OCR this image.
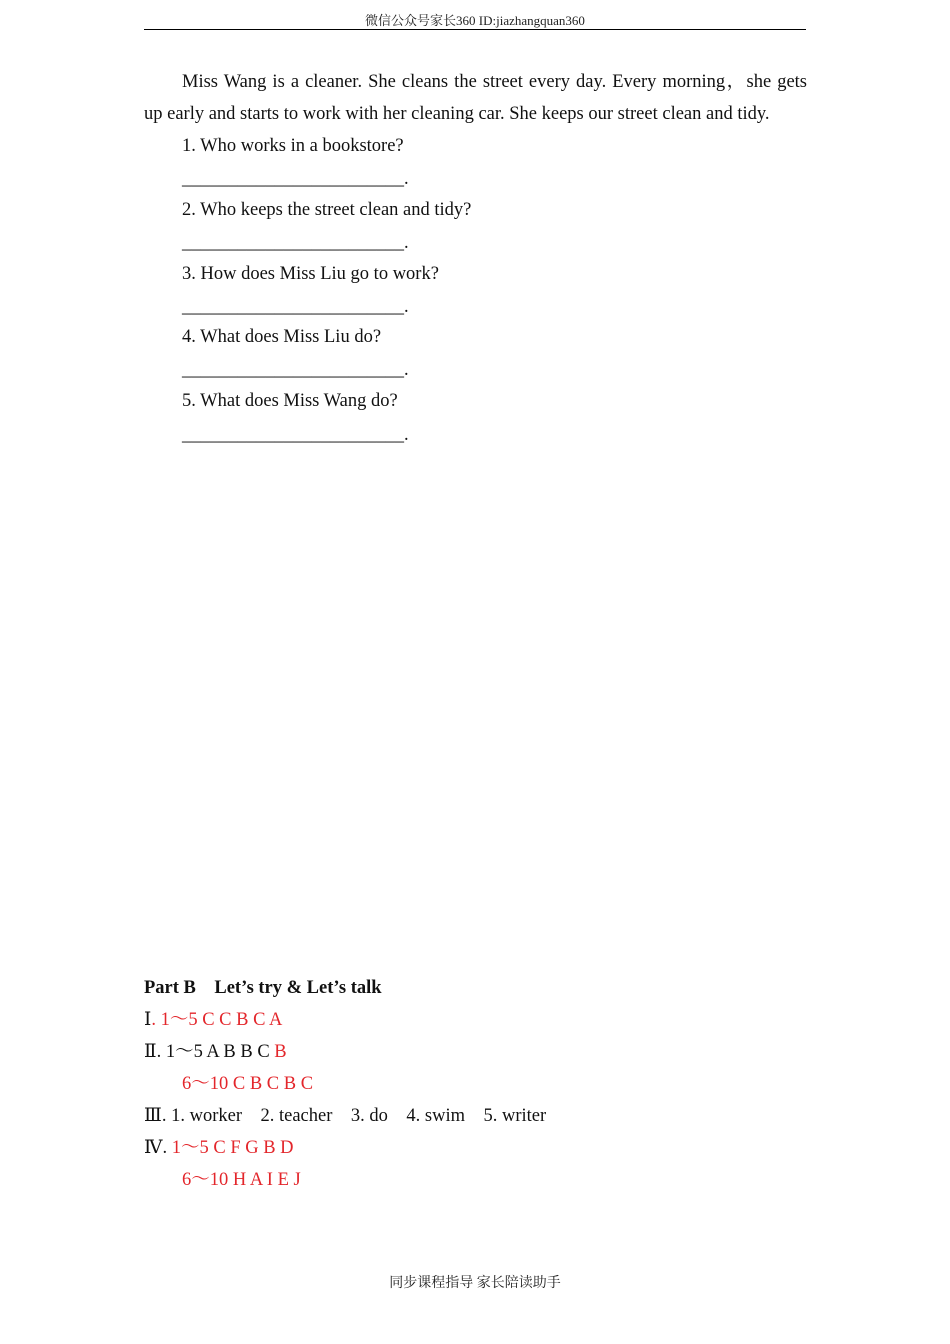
微信公众号家长360 ID:jiazhangquan360
Miss Wang is a cleaner. She cleans the street every day. Every morning，she gets up early and starts to work with her cleaning car. She keeps our street clean and tidy.
1. Who works in a bookstore?
________________________.
2. Who keeps the street clean and tidy?
________________________.
3. How does Miss Liu go to work?
________________________.
4. What does Miss Liu do?
________________________.
5. What does Miss Wang do?
________________________.
Part B　Let’s try & Let’s talk
Ⅰ. 1～5 C C B C A
Ⅱ. 1～5 A B B C B
6～10 C B C B C
Ⅲ. 1. worker　2. teacher　3. do　4. swim　5. writer
Ⅳ. 1～5 C F G B D
6～10 H A I E J
同步课程指导 家长陪读助手
